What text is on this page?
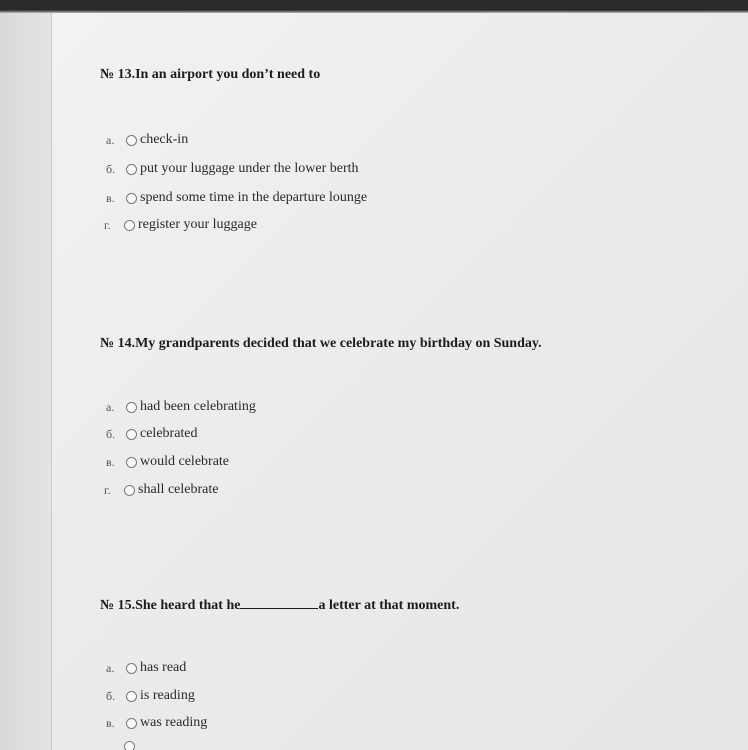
№ 13.In an airport you don’t need to
a.	check-in
б.	put your luggage under the lower berth
в.	spend some time in the departure lounge
г.	register your luggage
№ 14.My grandparents decided that we celebrate my birthday on Sunday.
a.	had been celebrating
б.	celebrated
в.	would celebrate
г.	shall celebrate
№ 15.She heard that he	a letter at that moment.
a.	has read
б.	is reading
в.	was reading
